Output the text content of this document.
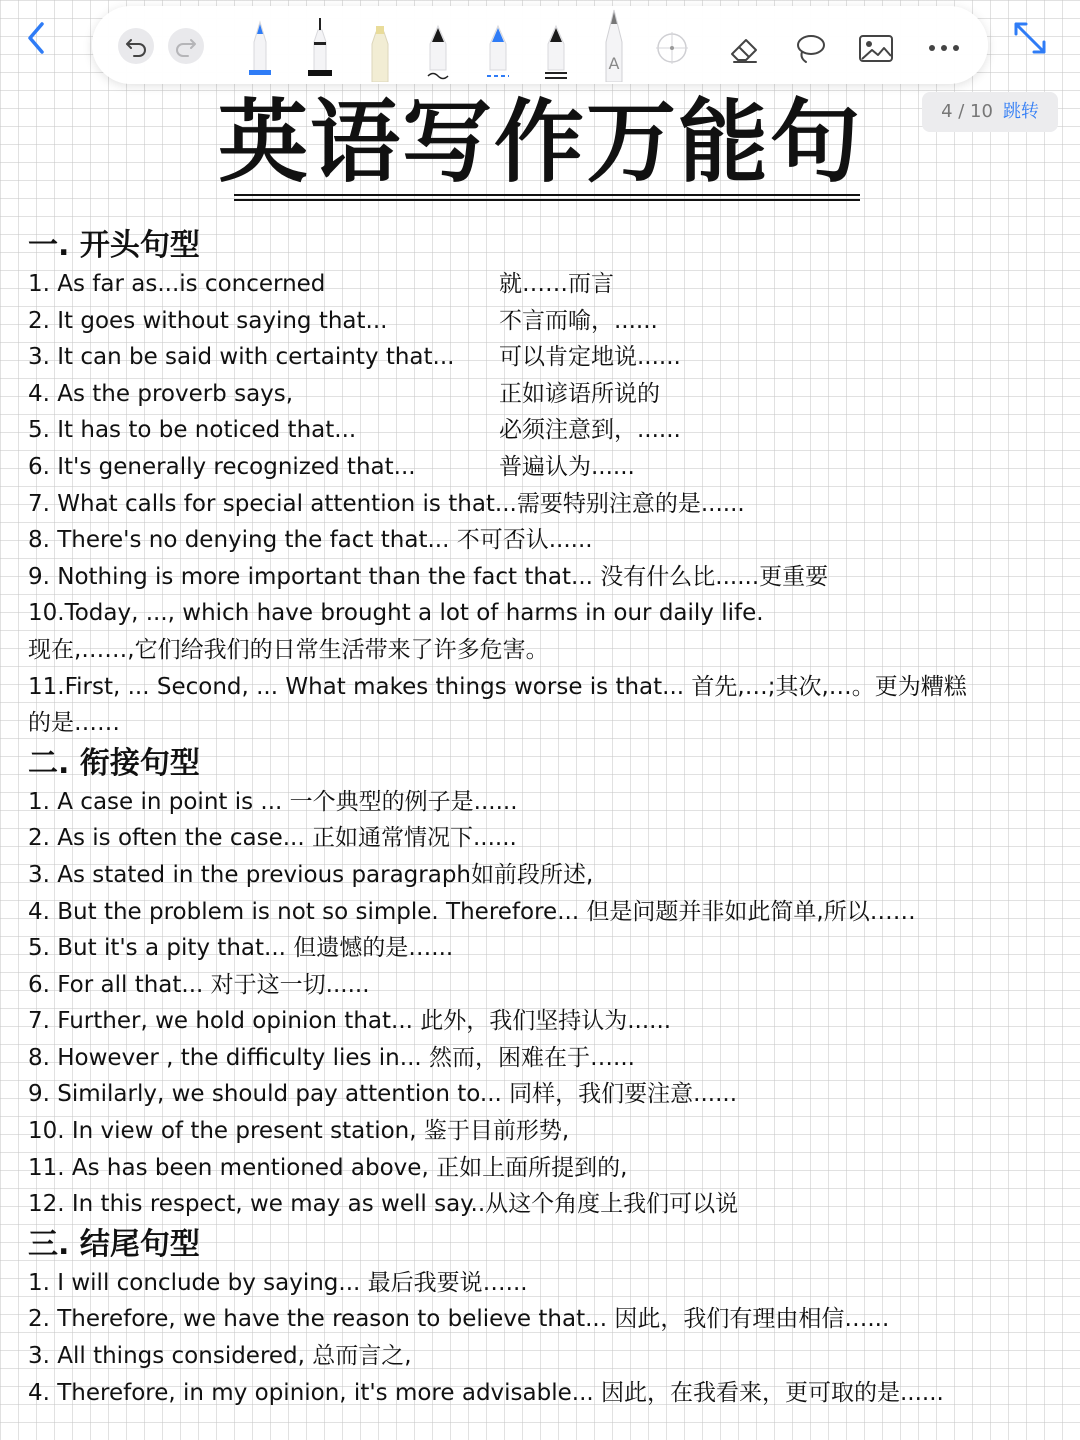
A
4 / 10 跳转
英语写作万能句
一. 开头句型
1. As far as...is concerned	就……而言
2. It goes without saying that...	不言而喻，......
3. It can be said with certainty that... 可以肯定地说......
4. As the proverb says,	正如谚语所说的
5. It has to be noticed that...	必须注意到，......
6. It's generally recognized that...	普遍认为......
7. What calls for special attention is that...需要特别注意的是......
8. There's no denying the fact that... 不可否认......
9. Nothing is more important than the fact that... 没有什么比......更重要
10.Today, ..., which have brought a lot of harms in our daily life.
现在,……,它们给我们的日常生活带来了许多危害。
11.First, ... Second, ... What makes things worse is that... 首先,…;其次,…。更为糟糕
的是……
二. 衔接句型
1. A case in point is ... 一个典型的例子是......
2. As is often the case... 正如通常情况下......
3. As stated in the previous paragraph如前段所述,
4. But the problem is not so simple. Therefore... 但是问题并非如此简单,所以……
5. But it's a pity that... 但遗憾的是…...
6. For all that... 对于这一切......
7. Further, we hold opinion that... 此外，我们坚持认为......
8. However , the difficulty lies in... 然而，困难在于…...
9. Similarly, we should pay attention to... 同样，我们要注意......
10. In view of the present station, 鉴于目前形势,
11. As has been mentioned above, 正如上面所提到的,
12. In this respect, we may as well say..从这个角度上我们可以说
三. 结尾句型
1. I will conclude by saying... 最后我要说…...
2. Therefore, we have the reason to believe that... 因此，我们有理由相信…...
3. All things considered, 总而言之,
4. Therefore, in my opinion, it's more advisable... 因此，在我看来，更可取的是......
